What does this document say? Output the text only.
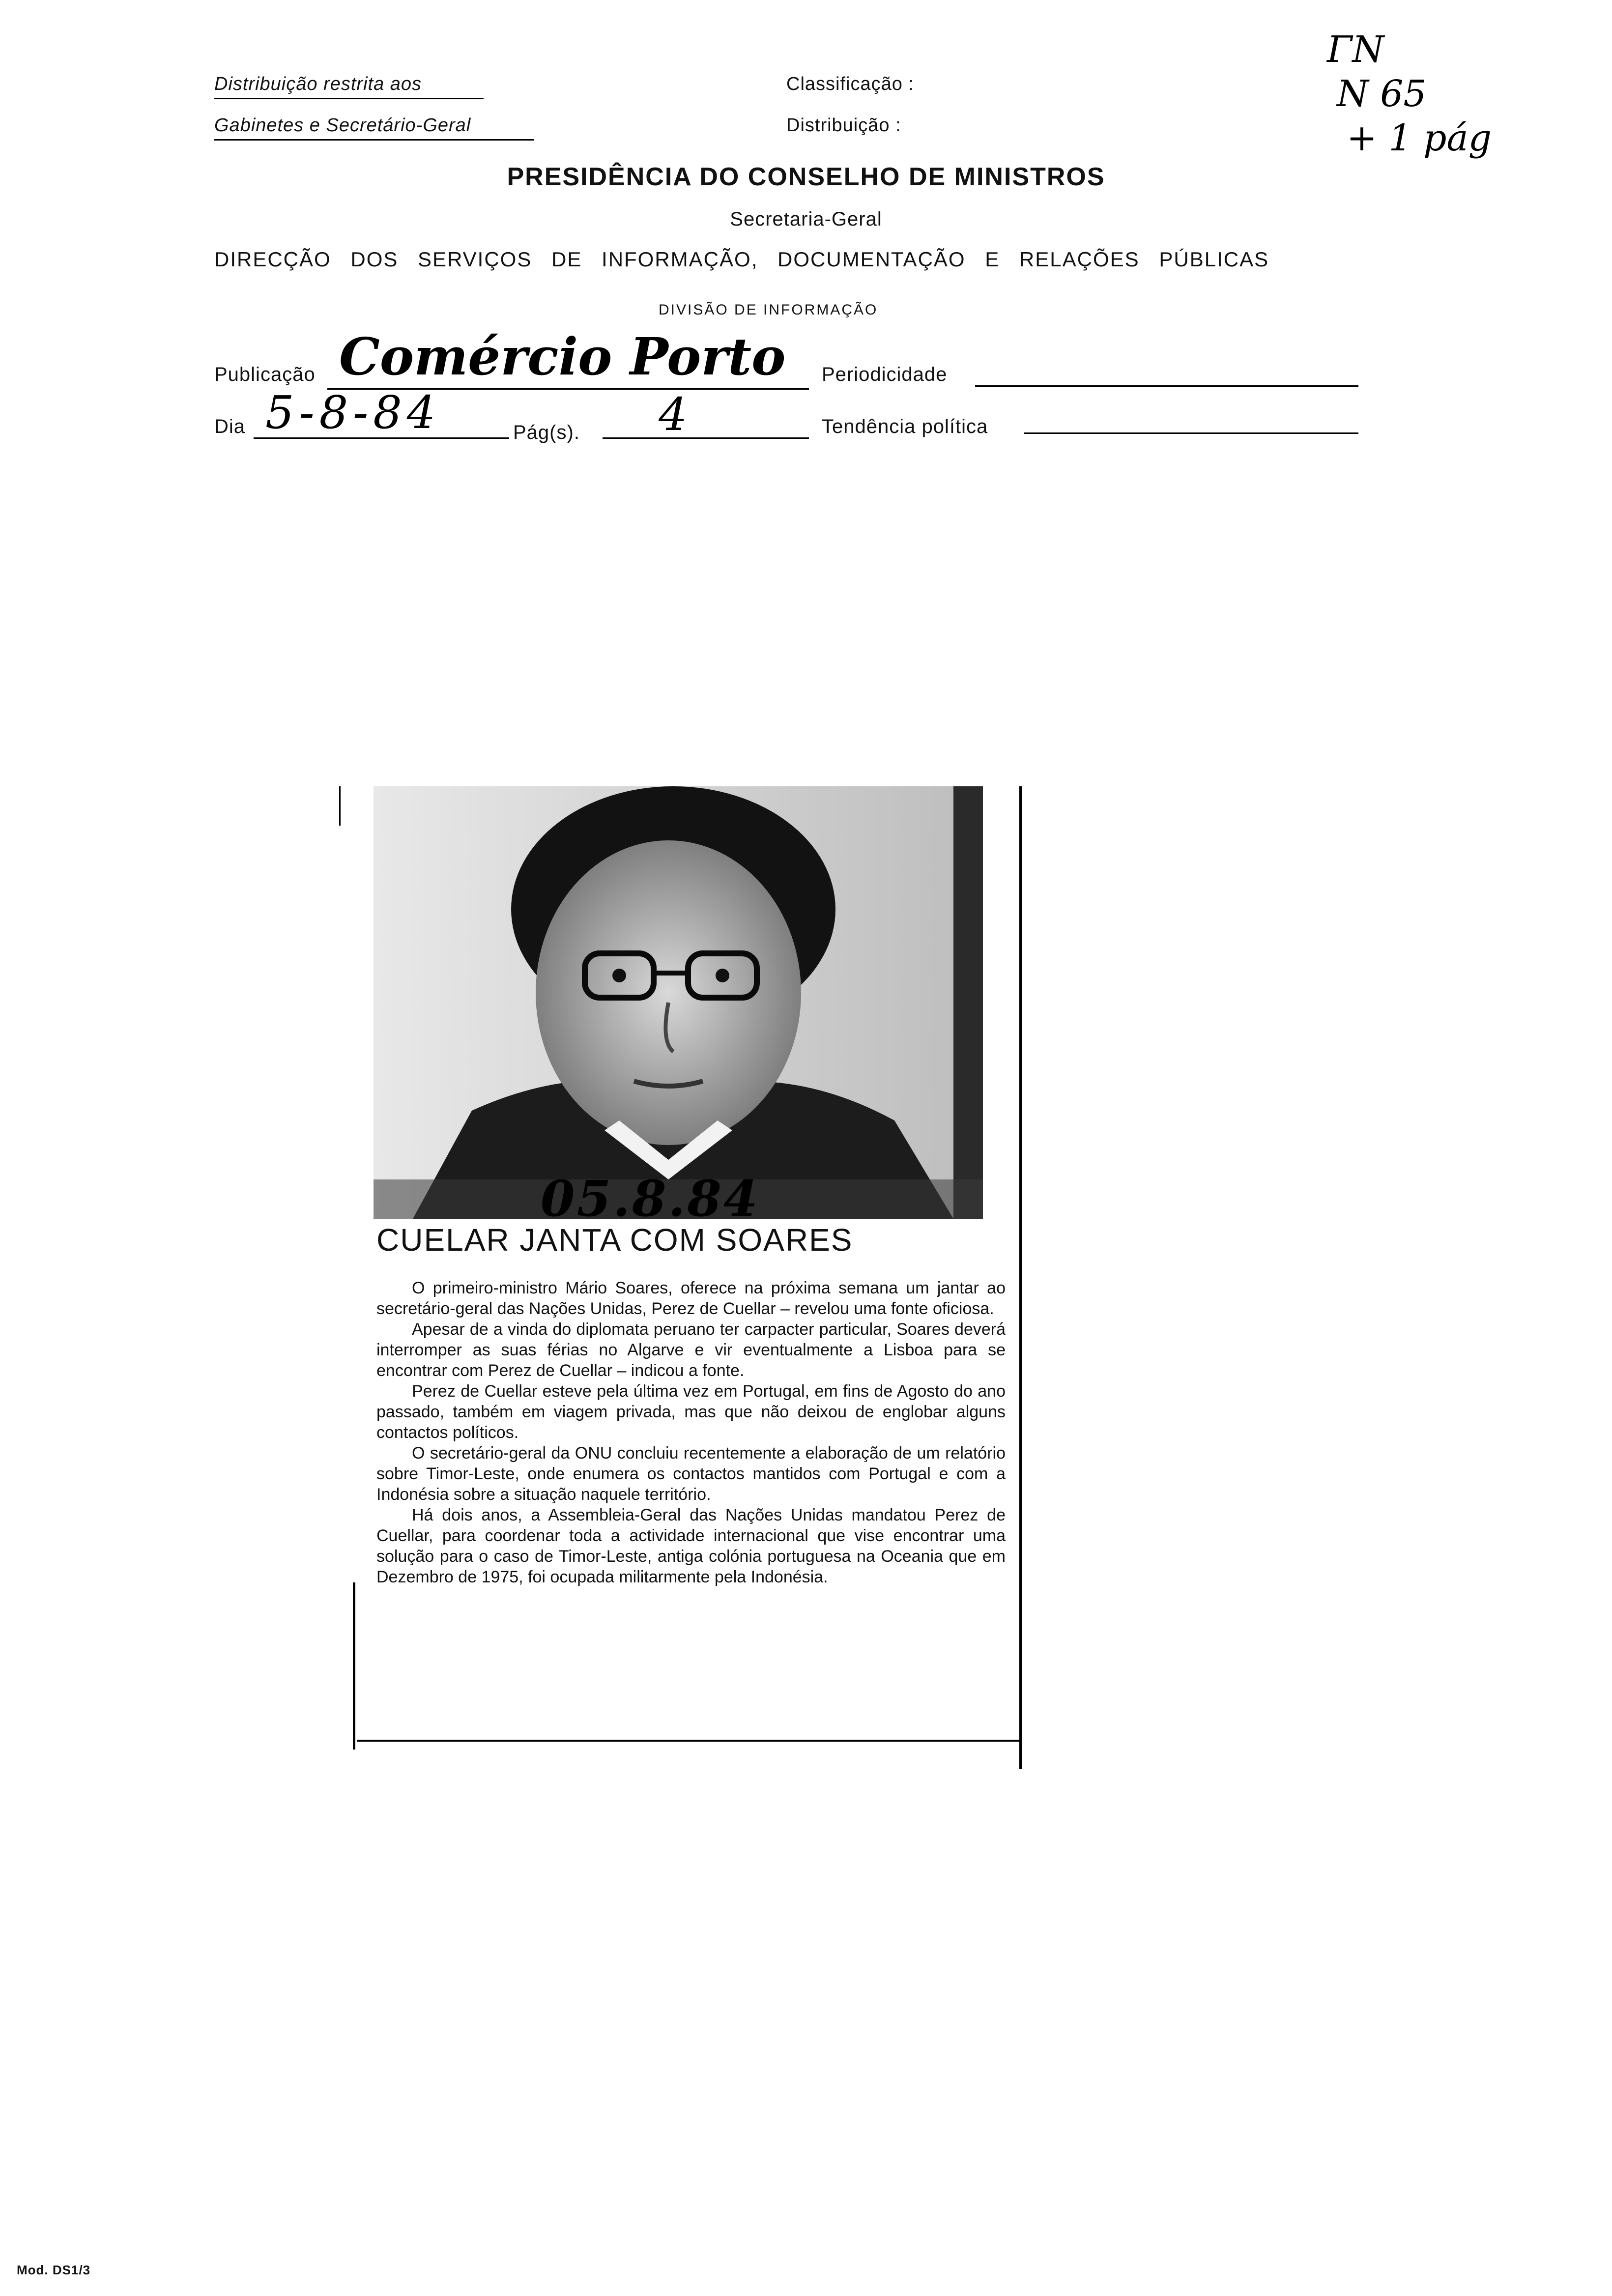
Distribuição restrita aos
Gabinetes e Secretário-Geral
Classificação :
Distribuição :
ΓN
N 65
+ 1 pág
PRESIDÊNCIA DO CONSELHO DE MINISTROS
Secretaria-Geral
DIRECÇÃO DOS SERVIÇOS DE INFORMAÇÃO, DOCUMENTAÇÃO E RELAÇÕES PÚBLICAS
DIVISÃO DE INFORMAÇÃO
Publicação Comércio Porto Periodicidade
Dia 5-8-84	Pág(s). 4	Tendência política
05.8.84
CUELAR JANTA COM SOARES

O primeiro-ministro Mário Soares, oferece na próxima semana um jantar ao secretário-geral das Nações Unidas, Perez de Cuellar – revelou uma fonte oficiosa.

Apesar de a vinda do diplomata peruano ter carpacter particular, Soares deverá interromper as suas férias no Algarve e vir eventualmente a Lisboa para se encontrar com Perez de Cuellar – indicou a fonte.

Perez de Cuellar esteve pela última vez em Portugal, em fins de Agosto do ano passado, também em viagem privada, mas que não deixou de englobar alguns contactos políticos.

O secretário-geral da ONU concluiu recentemente a elaboração de um relatório sobre Timor-Leste, onde enumera os contactos mantidos com Portugal e com a Indonésia sobre a situação naquele território.

Há dois anos, a Assembleia-Geral das Nações Unidas mandatou Perez de Cuellar, para coordenar toda a actividade internacional que vise encontrar uma solução para o caso de Timor-Leste, antiga colónia portuguesa na Oceania que em Dezembro de 1975, foi ocupada militarmente pela Indonésia.

Mod. DS1/3
